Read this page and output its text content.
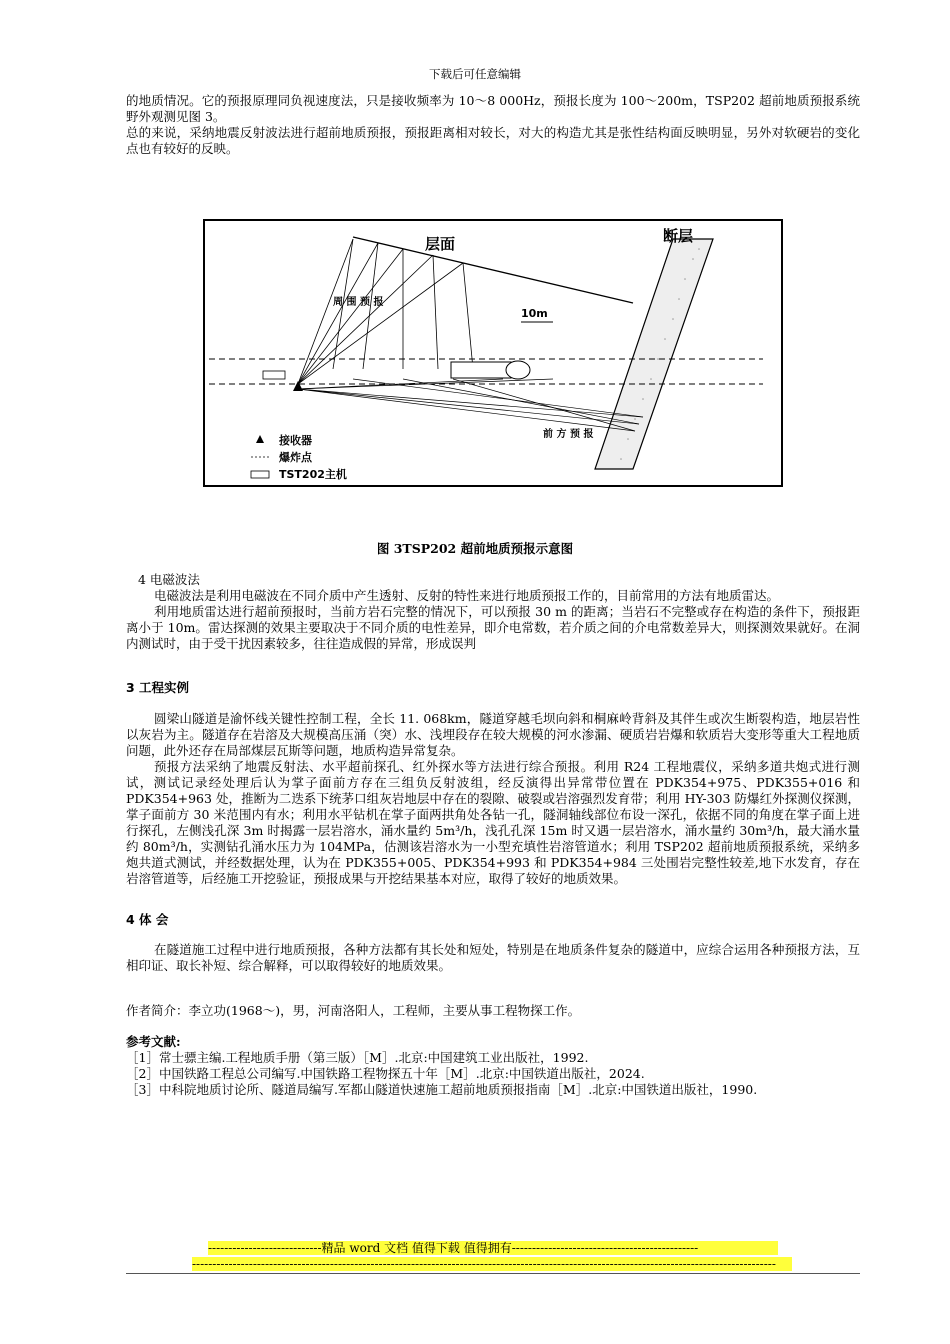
下载后可任意编辑

的地质情况。它的预报原理同负视速度法，只是接收频率为 10～8 000Hz，预报长度为 100～200m，TSP202 超前地质预报系统野外观测见图 3。

总的来说，采纳地震反射波法进行超前地质预报，预报距离相对较长，对大的构造尤其是张性结构面反映明显，另外对软硬岩的变化点也有较好的反映。

层面	断层
周 围 预 报
10m
前 方 预 报
接收器
爆炸点
TST202主机
图 3TSP202 超前地质预报示意图

4 电磁波法

电磁波法是利用电磁波在不同介质中产生透射、反射的特性来进行地质预报工作的，目前常用的方法有地质雷达。

利用地质雷达进行超前预报时，当前方岩石完整的情况下，可以预报 30 m 的距离；当岩石不完整或存在构造的条件下，预报距离小于 10m。雷达探测的效果主要取决于不同介质的电性差异，即介电常数，若介质之间的介电常数差异大，则探测效果就好。在洞内测试时，由于受干扰因素较多，往往造成假的异常，形成误判

3 工程实例

圆梁山隧道是渝怀线关键性控制工程，全长 11. 068km，隧道穿越毛坝向斜和桐麻岭背斜及其伴生或次生断裂构造，地层岩性以灰岩为主。隧道存在岩溶及大规模高压涌（突）水、浅埋段存在较大规模的河水渗漏、硬质岩岩爆和软质岩大变形等重大工程地质问题，此外还存在局部煤层瓦斯等问题，地质构造异常复杂。

预报方法采纳了地震反射法、水平超前探孔、红外探水等方法进行综合预报。利用 R24 工程地震仪，采纳多道共炮式进行测试，测试记录经处理后认为掌子面前方存在三组负反射波组，经反演得出异常带位置在 PDK354+975、PDK355+016 和 PDK354+963 处，推断为二迭系下统茅口组灰岩地层中存在的裂隙、破裂或岩溶强烈发育带；利用 HY-303 防爆红外探测仪探测，掌子面前方 30 米范围内有水；利用水平钻机在掌子面两拱角处各钻一孔，隧洞轴线部位布设一深孔，依据不同的角度在掌子面上进行探孔，左侧浅孔深 3m 时揭露一层岩溶水，涌水量约 5m³/h，浅孔孔深 15m 时又遇一层岩溶水，涌水量约 30m³/h，最大涌水量约 80m³/h，实测钻孔涌水压力为 104MPa，估测该岩溶水为一小型充填性岩溶管道水；利用 TSP202 超前地质预报系统，采纳多炮共道式测试，并经数据处理，认为在 PDK355+005、PDK354+993 和 PDK354+984 三处围岩完整性较差,地下水发育，存在岩溶管道等，后经施工开挖验证，预报成果与开挖结果基本对应，取得了较好的地质效果。

4 体 会

在隧道施工过程中进行地质预报，各种方法都有其长处和短处，特别是在地质条件复杂的隧道中，应综合运用各种预报方法，互相印证、取长补短、综合解释，可以取得较好的地质效果。

作者简介：李立功(1968～)，男，河南洛阳人，工程师，主要从事工程物探工作。

参考文献:

［1］常士骠主编.工程地质手册（第三版）［M］.北京:中国建筑工业出版社，1992.

［2］中国铁路工程总公司编写.中国铁路工程物探五十年［M］.北京:中国铁道出版社，2024.

［3］中科院地质讨论所、隧道局编写.军都山隧道快速施工超前地质预报指南［M］.北京:中国铁道出版社，1990.

----------------------------精品 word 文档 值得下载 值得拥有----------------------------------------------
------------------------------------------------------------------------------------------------------------------------------------------------
